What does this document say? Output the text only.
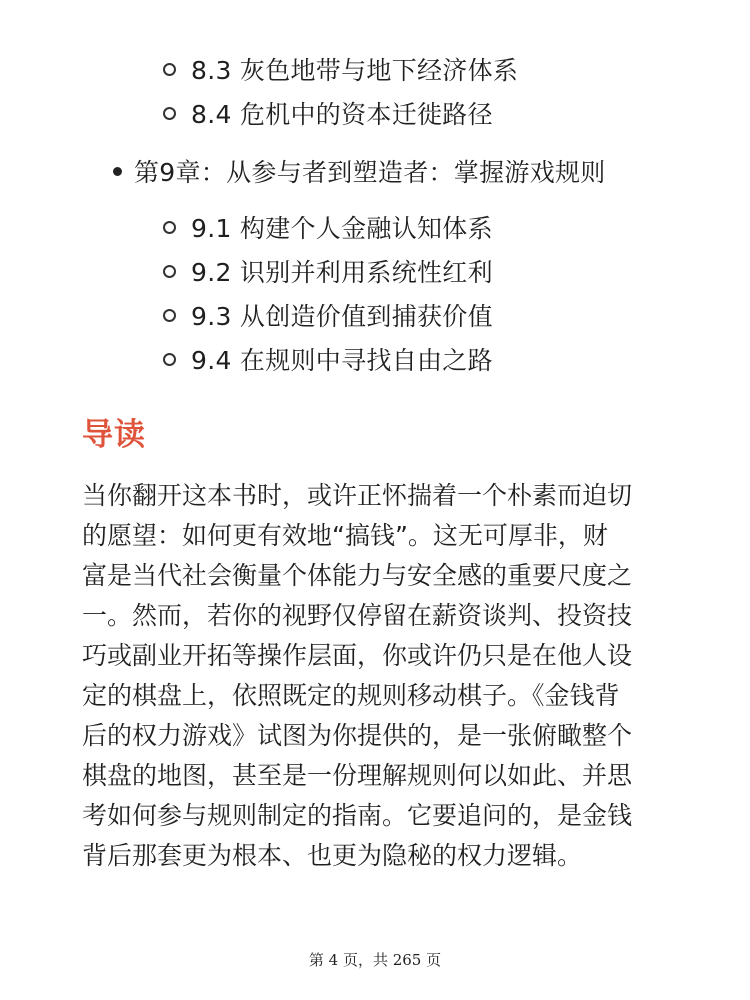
8.3 灰色地带与地下经济体系
8.4 危机中的资本迁徙路径
第9章：从参与者到塑造者：掌握游戏规则
9.1 构建个人金融认知体系
9.2 识别并利用系统性红利
9.3 从创造价值到捕获价值
9.4 在规则中寻找自由之路
导读

当你翻开这本书时，或许正怀揣着一个朴素而迫切
的愿望：如何更有效地“搞钱”。这无可厚非，财
富是当代社会衡量个体能力与安全感的重要尺度之
一。然而，若你的视野仅停留在薪资谈判、投资技
巧或副业开拓等操作层面，你或许仍只是在他人设
定的棋盘上，依照既定的规则移动棋子。《金钱背
后的权力游戏》试图为你提供的，是一张俯瞰整个
棋盘的地图，甚至是一份理解规则何以如此、并思
考如何参与规则制定的指南。它要追问的，是金钱
背后那套更为根本、也更为隐秘的权力逻辑。

第 4 页，共 265 页
